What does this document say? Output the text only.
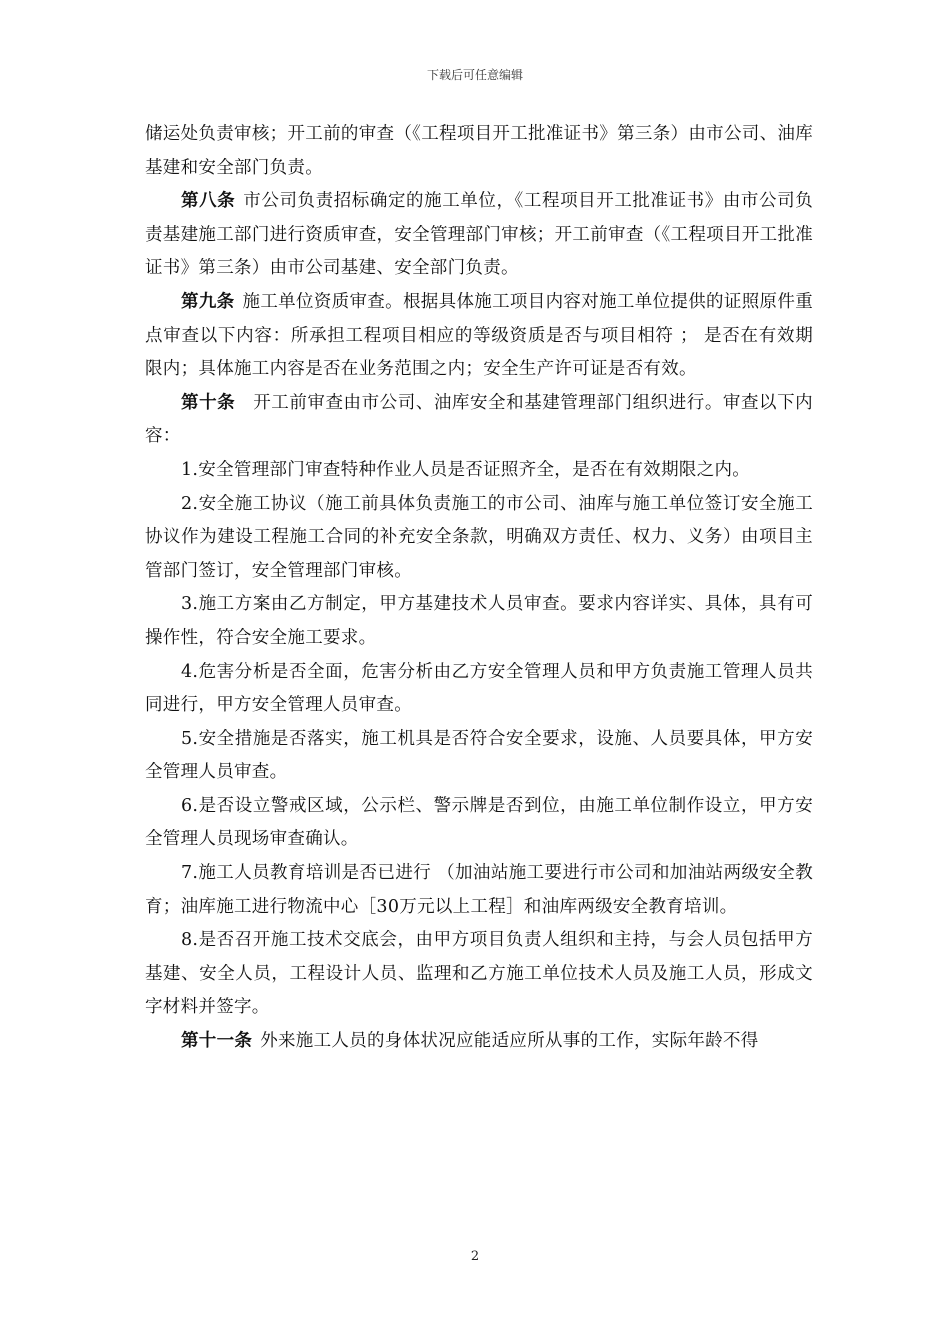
下载后可任意编辑

储运处负责审核；开工前的审查（《工程项目开工批准证书》第三条）由市公司、油库基建和安全部门负责。

第八条 市公司负责招标确定的施工单位，《工程项目开工批准证书》由市公司负责基建施工部门进行资质审查，安全管理部门审核；开工前审查（《工程项目开工批准证书》第三条）由市公司基建、安全部门负责。

第九条 施工单位资质审查。根据具体施工项目内容对施工单位提供的证照原件重点审查以下内容：所承担工程项目相应的等级资质是否与项目相符 ； 是否在有效期限内；具体施工内容是否在业务范围之内；安全生产许可证是否有效。

第十条 开工前审查由市公司、油库安全和基建管理部门组织进行。审查以下内容：

1.安全管理部门审查特种作业人员是否证照齐全，是否在有效期限之内。

2.安全施工协议（施工前具体负责施工的市公司、油库与施工单位签订安全施工协议作为建设工程施工合同的补充安全条款，明确双方责任、权力、义务）由项目主管部门签订，安全管理部门审核。

3.施工方案由乙方制定，甲方基建技术人员审查。要求内容详实、具体，具有可操作性，符合安全施工要求。

4.危害分析是否全面，危害分析由乙方安全管理人员和甲方负责施工管理人员共同进行，甲方安全管理人员审查。

5.安全措施是否落实，施工机具是否符合安全要求，设施、人员要具体，甲方安全管理人员审查。

6.是否设立警戒区域，公示栏、警示牌是否到位，由施工单位制作设立，甲方安全管理人员现场审查确认。

7.施工人员教育培训是否已进行 （加油站施工要进行市公司和加油站两级安全教育；油库施工进行物流中心［30万元以上工程］和油库两级安全教育培训。

8.是否召开施工技术交底会，由甲方项目负责人组织和主持，与会人员包括甲方基建、安全人员，工程设计人员、监理和乙方施工单位技术人员及施工人员，形成文字材料并签字。

第十一条 外来施工人员的身体状况应能适应所从事的工作，实际年龄不得

2
